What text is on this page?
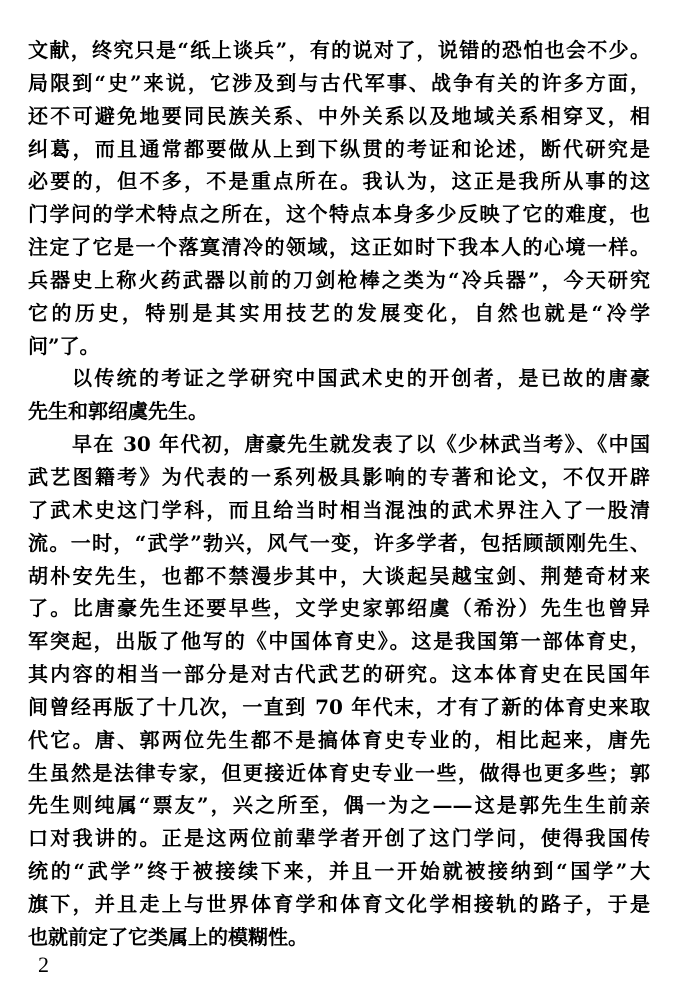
文献，终究只是“纸上谈兵”，有的说对了，说错的恐怕也会不少。
局限到“史”来说，它涉及到与古代军事、战争有关的许多方面，
还不可避免地要同民族关系、中外关系以及地域关系相穿叉，相
纠葛，而且通常都要做从上到下纵贯的考证和论述，断代研究是
必要的，但不多，不是重点所在。我认为，这正是我所从事的这
门学问的学术特点之所在，这个特点本身多少反映了它的难度，也
注定了它是一个落寞清冷的领域，这正如时下我本人的心境一样。
兵器史上称火药武器以前的刀剑枪棒之类为“冷兵器”，今天研究
它的历史，特别是其实用技艺的发展变化，自然也就是“冷学
问”了。
以传统的考证之学研究中国武术史的开创者，是已故的唐豪
先生和郭绍虞先生。
早在 30 年代初，唐豪先生就发表了以《少林武当考》、《中国
武艺图籍考》为代表的一系列极具影响的专著和论文，不仅开辟
了武术史这门学科，而且给当时相当混浊的武术界注入了一股清
流。一时，“武学”勃兴，风气一变，许多学者，包括顾颉刚先生、
胡朴安先生，也都不禁漫步其中，大谈起吴越宝剑、荆楚奇材来
了。比唐豪先生还要早些，文学史家郭绍虞（希汾）先生也曾异
军突起，出版了他写的《中国体育史》。这是我国第一部体育史，
其内容的相当一部分是对古代武艺的研究。这本体育史在民国年
间曾经再版了十几次，一直到 70 年代末，才有了新的体育史来取
代它。唐、郭两位先生都不是搞体育史专业的，相比起来，唐先
生虽然是法律专家，但更接近体育史专业一些，做得也更多些；郭
先生则纯属“票友”，兴之所至，偶一为之——这是郭先生生前亲
口对我讲的。正是这两位前辈学者开创了这门学问，使得我国传
统的“武学”终于被接续下来，并且一开始就被接纳到“国学”大
旗下，并且走上与世界体育学和体育文化学相接轨的路子，于是
也就前定了它类属上的模糊性。
2
